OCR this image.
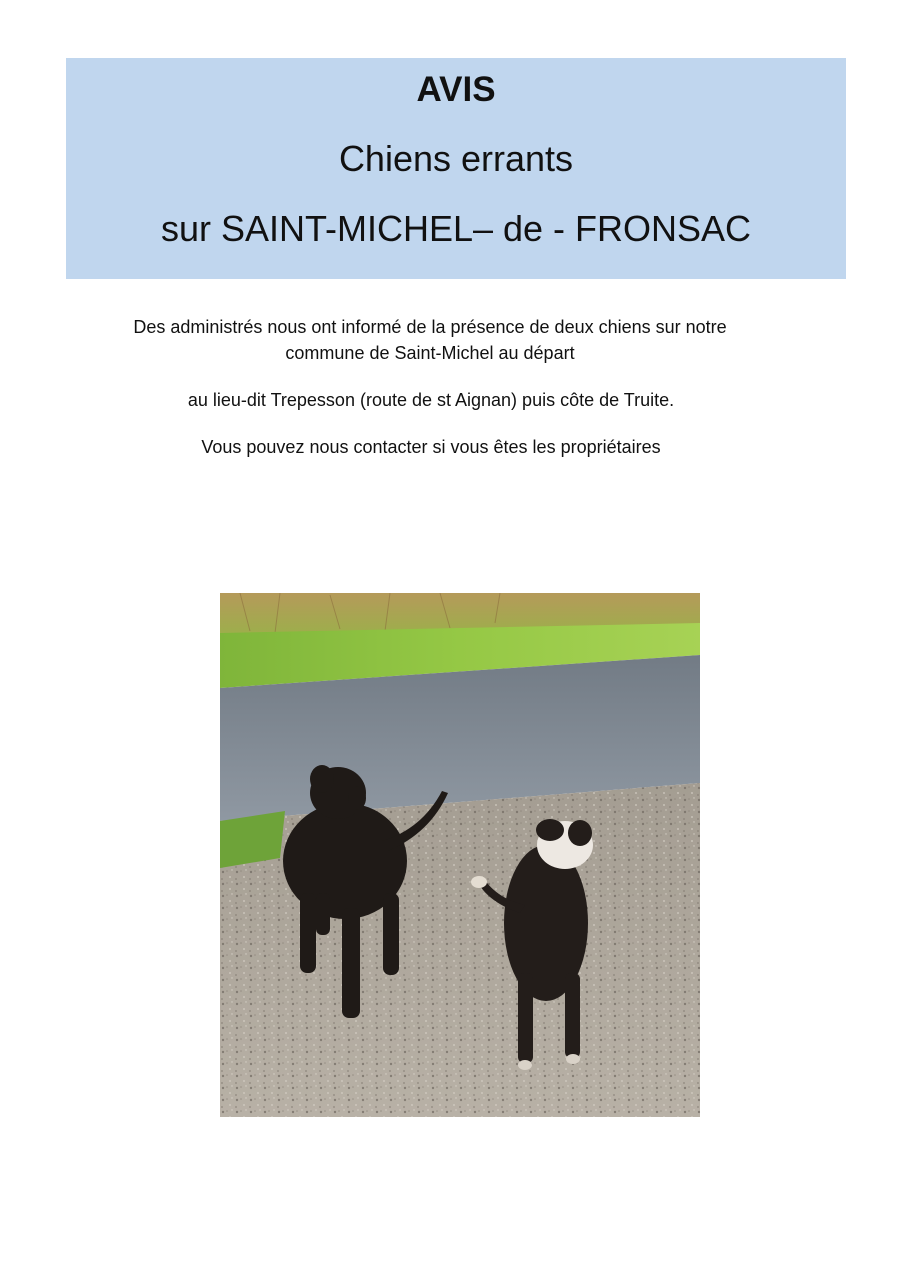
AVIS
Chiens errants
sur SAINT-MICHEL– de - FRONSAC
Des administrés nous ont informé de la présence de deux chiens sur notre
commune de Saint-Michel au départ
au lieu-dit Trepesson (route de st Aignan) puis côte de Truite.
Vous pouvez nous contacter si vous êtes les propriétaires
